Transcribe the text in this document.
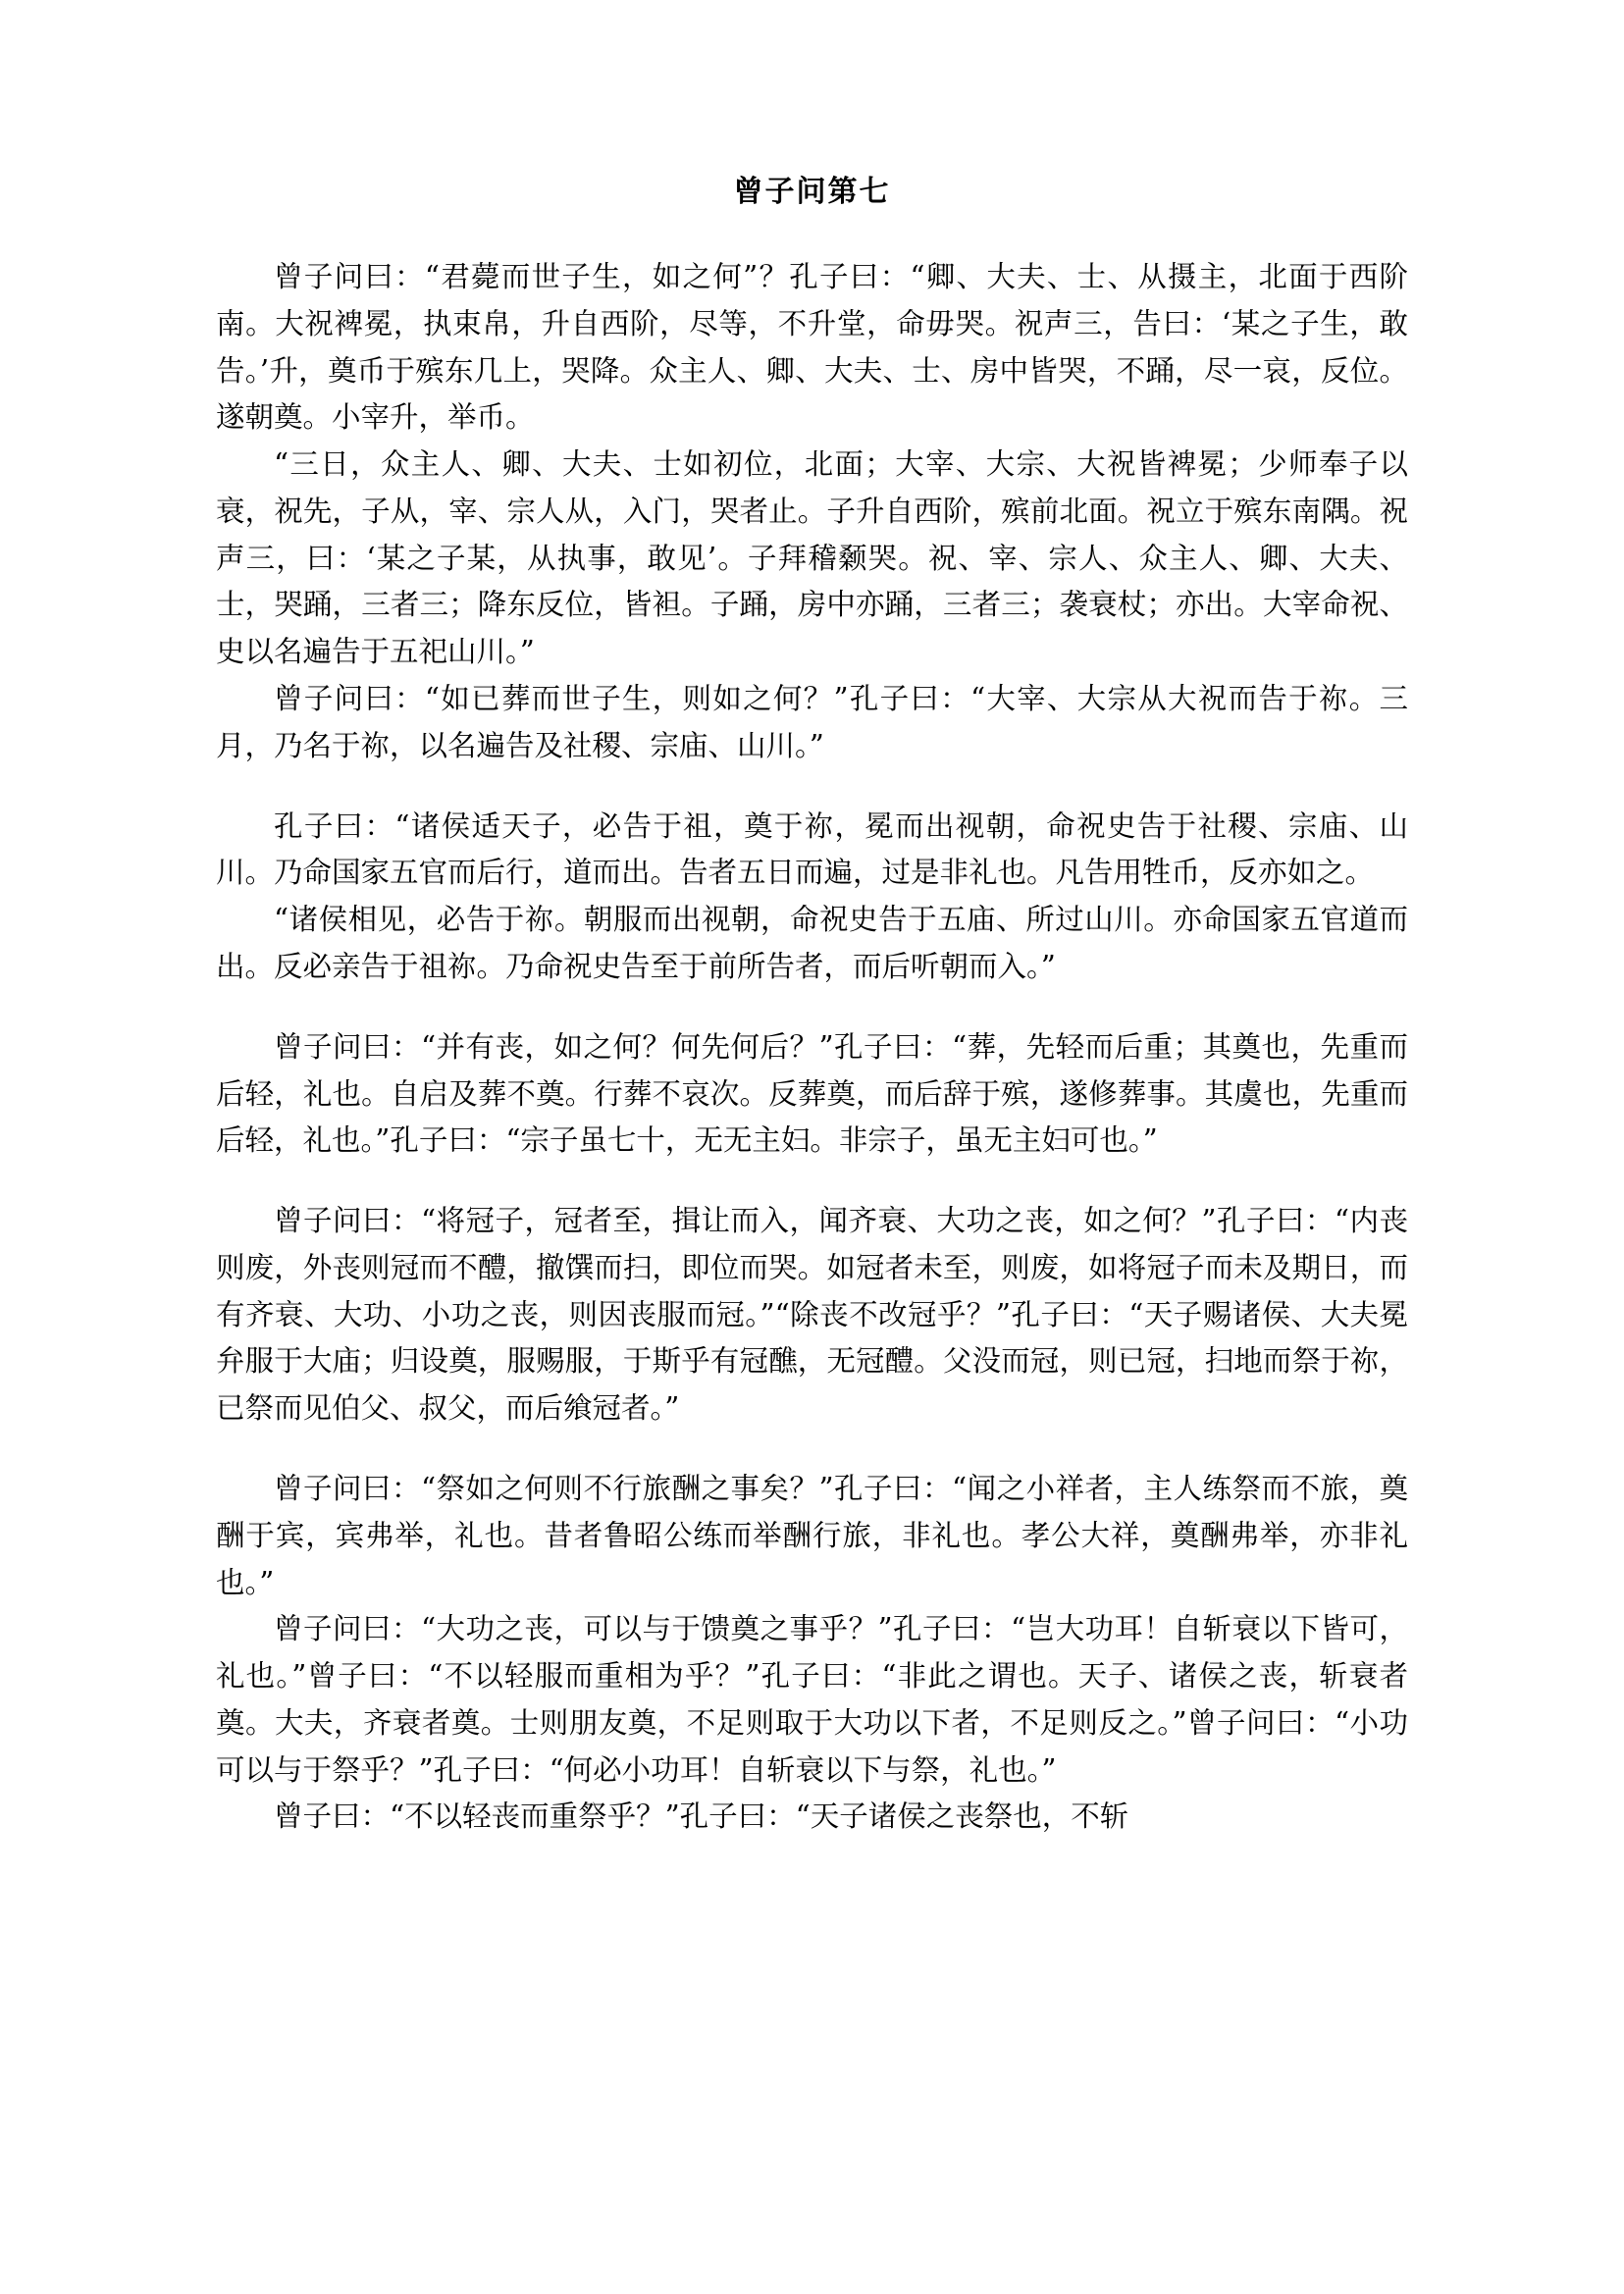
曾子问第七

曾子问曰：“君薨而世子生，如之何”？孔子曰：“卿、大夫、士、从摄主，北面于西阶南。大祝裨冕，执束帛，升自西阶，尽等，不升堂，命毋哭。祝声三，告曰：‘某之子生，敢告。’升，奠币于殡东几上，哭降。众主人、卿、大夫、士、房中皆哭，不踊，尽一哀，反位。遂朝奠。小宰升，举币。

“三日，众主人、卿、大夫、士如初位，北面；大宰、大宗、大祝皆裨冕；少师奉子以衰，祝先，子从，宰、宗人从，入门，哭者止。子升自西阶，殡前北面。祝立于殡东南隅。祝声三，曰：‘某之子某，从执事，敢见’。子拜稽颡哭。祝、宰、宗人、众主人、卿、大夫、士，哭踊，三者三；降东反位，皆袒。子踊，房中亦踊，三者三；袭衰杖；亦出。大宰命祝、史以名遍告于五祀山川。”

曾子问曰：“如已葬而世子生，则如之何？”孔子曰：“大宰、大宗从大祝而告于祢。三月，乃名于祢，以名遍告及社稷、宗庙、山川。”

孔子曰：“诸侯适天子，必告于祖，奠于祢，冕而出视朝，命祝史告于社稷、宗庙、山川。乃命国家五官而后行，道而出。告者五日而遍，过是非礼也。凡告用牲币，反亦如之。

“诸侯相见，必告于祢。朝服而出视朝，命祝史告于五庙、所过山川。亦命国家五官道而出。反必亲告于祖祢。乃命祝史告至于前所告者，而后听朝而入。”

曾子问曰：“并有丧，如之何？何先何后？”孔子曰：“葬，先轻而后重；其奠也，先重而后轻，礼也。自启及葬不奠。行葬不哀次。反葬奠，而后辞于殡，遂修葬事。其虞也，先重而后轻，礼也。”孔子曰：“宗子虽七十，无无主妇。非宗子，虽无主妇可也。”

曾子问曰：“将冠子，冠者至，揖让而入，闻齐衰、大功之丧，如之何？”孔子曰：“内丧则废，外丧则冠而不醴，撤馔而扫，即位而哭。如冠者未至，则废，如将冠子而未及期日，而有齐衰、大功、小功之丧，则因丧服而冠。”“除丧不改冠乎？”孔子曰：“天子赐诸侯、大夫冕弁服于大庙；归设奠，服赐服，于斯乎有冠醮，无冠醴。父没而冠，则已冠，扫地而祭于祢，已祭而见伯父、叔父，而后飨冠者。”

曾子问曰：“祭如之何则不行旅酬之事矣？”孔子曰：“闻之小祥者，主人练祭而不旅，奠酬于宾，宾弗举，礼也。昔者鲁昭公练而举酬行旅，非礼也。孝公大祥，奠酬弗举，亦非礼也。”

曾子问曰：“大功之丧，可以与于馈奠之事乎？”孔子曰：“岂大功耳！自斩衰以下皆可，礼也。”曾子曰：“不以轻服而重相为乎？”孔子曰：“非此之谓也。天子、诸侯之丧，斩衰者奠。大夫，齐衰者奠。士则朋友奠，不足则取于大功以下者，不足则反之。”曾子问曰：“小功可以与于祭乎？”孔子曰：“何必小功耳！自斩衰以下与祭，礼也。”

曾子曰：“不以轻丧而重祭乎？”孔子曰：“天子诸侯之丧祭也，不斩
